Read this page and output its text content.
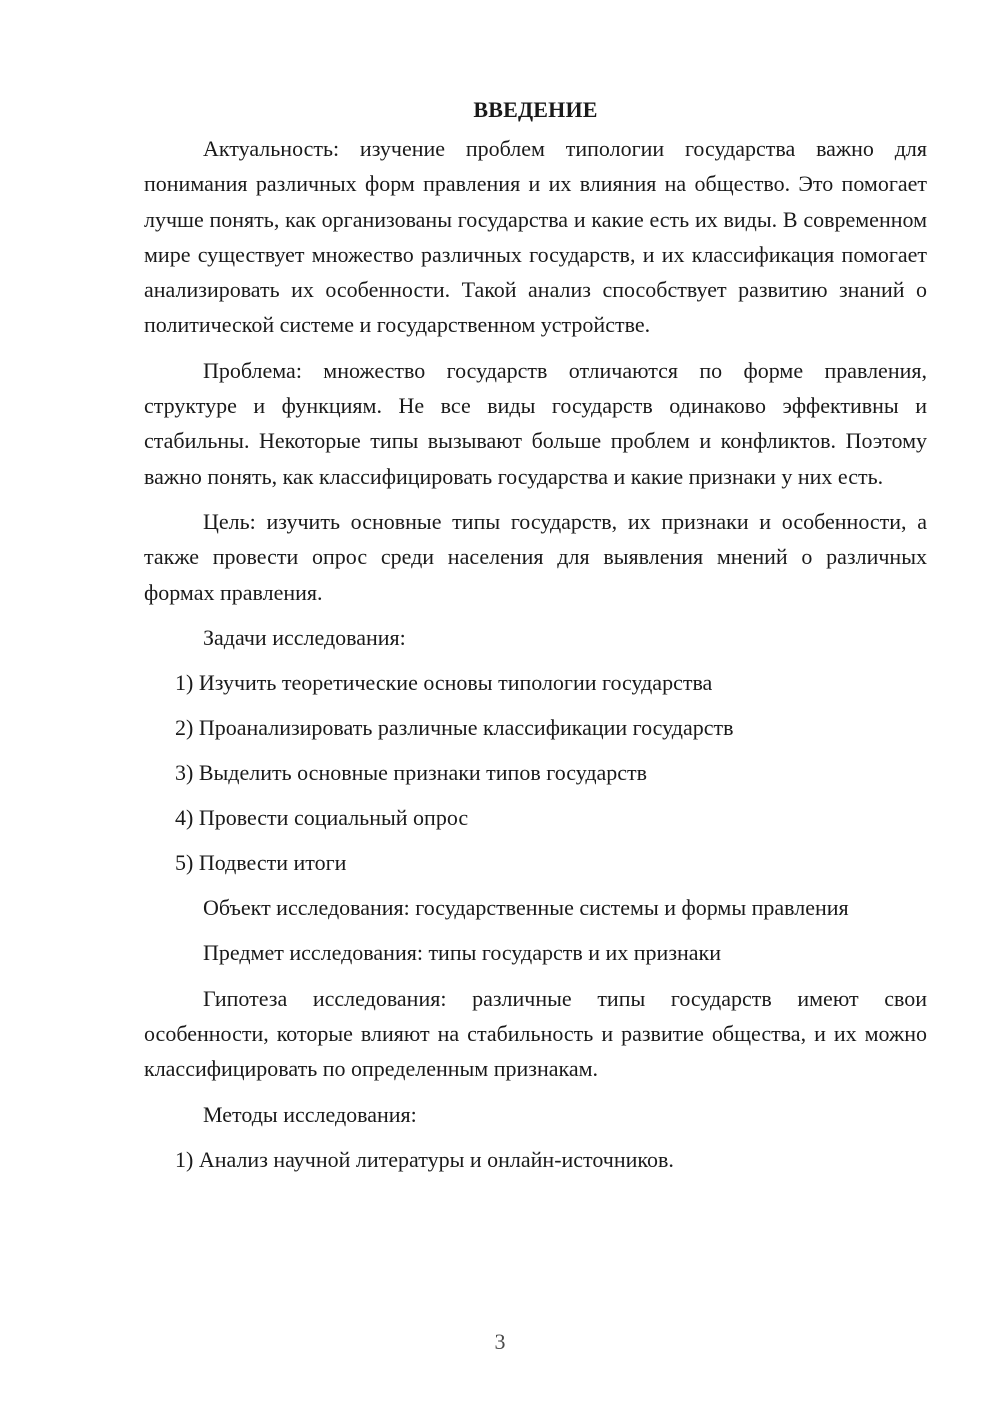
ВВЕДЕНИЕ

Актуальность: изучение проблем типологии государства важно для понимания различных форм правления и их влияния на общество. Это помогает лучше понять, как организованы государства и какие есть их виды. В современном мире существует множество различных государств, и их классификация помогает анализировать их особенности. Такой анализ способствует развитию знаний о политической системе и государственном устройстве.

Проблема: множество государств отличаются по форме правления, структуре и функциям. Не все виды государств одинаково эффективны и стабильны. Некоторые типы вызывают больше проблем и конфликтов. Поэтому важно понять, как классифицировать государства и какие признаки у них есть.

Цель: изучить основные типы государств, их признаки и особенности, а также провести опрос среди населения для выявления мнений о различных формах правления.

Задачи исследования:

1) Изучить теоретические основы типологии государства
2) Проанализировать различные классификации государств
3) Выделить основные признаки типов государств
4) Провести социальный опрос
5) Подвести итоги

Объект исследования: государственные системы и формы правления

Предмет исследования: типы государств и их признаки

Гипотеза исследования: различные типы государств имеют свои особенности, которые влияют на стабильность и развитие общества, и их можно классифицировать по определенным признакам.

Методы исследования:

1) Анализ научной литературы и онлайн-источников.
3
